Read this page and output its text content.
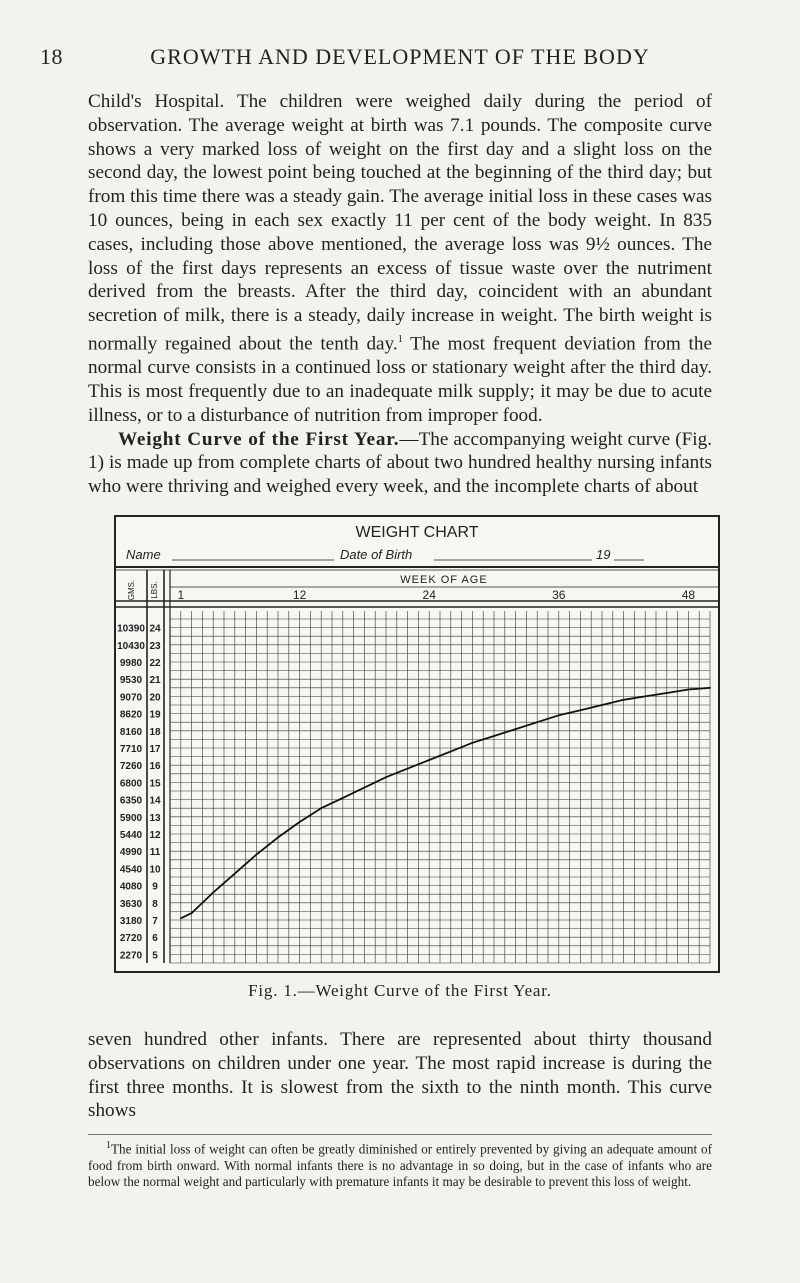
18	GROWTH AND DEVELOPMENT OF THE BODY

Child's Hospital. The children were weighed daily during the period of observation. The average weight at birth was 7.1 pounds. The composite curve shows a very marked loss of weight on the first day and a slight loss on the second day, the lowest point being touched at the beginning of the third day; but from this time there was a steady gain. The average initial loss in these cases was 10 ounces, being in each sex exactly 11 per cent of the body weight. In 835 cases, including those above mentioned, the average loss was 9½ ounces. The loss of the first days represents an excess of tissue waste over the nutriment derived from the breasts. After the third day, coincident with an abundant secretion of milk, there is a steady, daily increase in weight. The birth weight is normally regained about the tenth day.$^1$ The most frequent deviation from the normal curve consists in a continued loss or stationary weight after the third day. This is most frequently due to an inadequate milk supply; it may be due to acute illness, or to a disturbance of nutrition from improper food.
Weight Curve of the First Year.—The accompanying weight curve (Fig. 1) is made up from complete charts of about two hundred healthy nursing infants who were thriving and weighed every week, and the incomplete charts of about

WEIGHT CHART
Name	Date of Birth	19
GMS. LBS.
WEEK OF AGE
10390 24
10430 23
9980 22
9530 21
9070 20
8620 19
8160 18
7710 17
7260 16
6800 15
6350 14
5900 13
5440 12
4990 11
4540 10
4080 9
3630 8
3180 7
2720 6
2270 5
1	12	24	36	48
Fig. 1.—Weight Curve of the First Year.

seven hundred other infants. There are represented about thirty thousand observations on children under one year. The most rapid increase is during the first three months. It is slowest from the sixth to the ninth month. This curve shows

$^1$The initial loss of weight can often be greatly diminished or entirely prevented by giving an adequate amount of food from birth onward. With normal infants there is no advantage in so doing, but in the case of infants who are below the normal weight and particularly with premature infants it may be desirable to prevent this loss of weight.
